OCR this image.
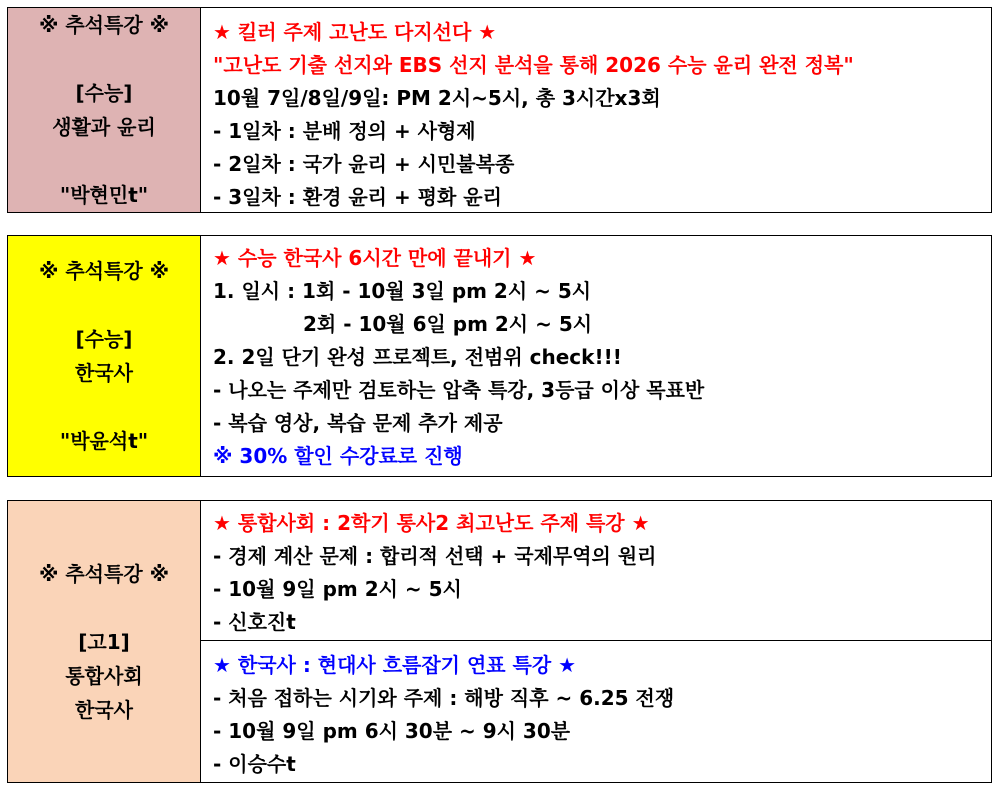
※ 추석특강 ※
[수능]
생활과 윤리
"박현민t"
★ 킬러 주제 고난도 다지선다 ★
"고난도 기출 선지와 EBS 선지 분석을 통해 2026 수능 윤리 완전 정복"
10월 7일/8일/9일: PM 2시~5시, 총 3시간x3회
- 1일차 : 분배 정의 + 사형제
- 2일차 : 국가 윤리 + 시민불복종
- 3일차 : 환경 윤리 + 평화 윤리
※ 추석특강 ※
[수능]
한국사
"박윤석t"
★ 수능 한국사 6시간 만에 끝내기 ★
1. 일시 : 1회 - 10월 3일 pm 2시 ~ 5시
2회 - 10월 6일 pm 2시 ~ 5시
2. 2일 단기 완성 프로젝트, 전범위 check!!!
- 나오는 주제만 검토하는 압축 특강, 3등급 이상 목표반
- 복습 영상, 복습 문제 추가 제공
※ 30% 할인 수강료로 진행
※ 추석특강 ※
[고1]
통합사회
한국사
★ 통합사회 : 2학기 통사2 최고난도 주제 특강 ★
- 경제 계산 문제 : 합리적 선택 + 국제무역의 원리
- 10월 9일 pm 2시 ~ 5시
- 신호진t
★ 한국사 : 현대사 흐름잡기 연표 특강 ★
- 처음 접하는 시기와 주제 : 해방 직후 ~ 6.25 전쟁
- 10월 9일 pm 6시 30분 ~ 9시 30분
- 이승수t
